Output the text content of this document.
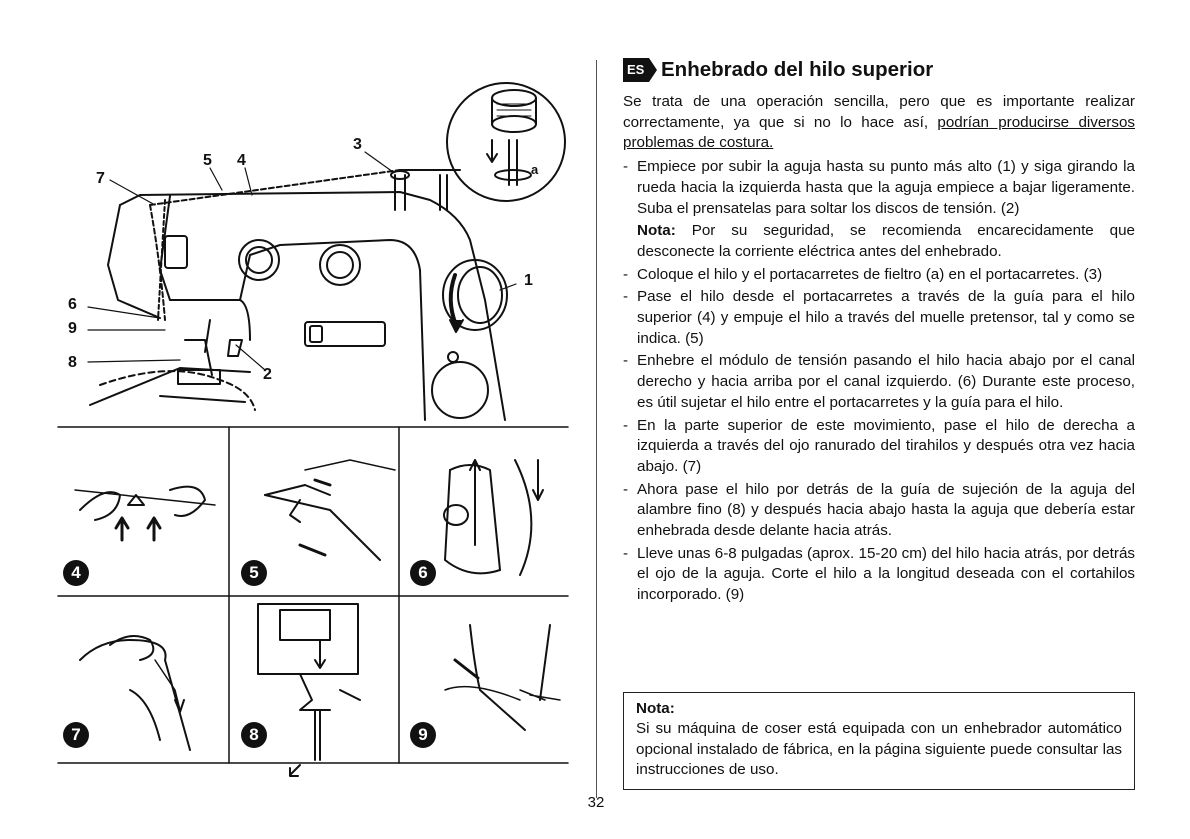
7
5 4
3
1
6
9
8
2
a
4	5	6
7	8	9
ES Enhebrado del hilo superior
Se trata de una operación sencilla, pero que es importante realizar correctamente, ya que si no lo hace así, podrían producirse diversos problemas de costura.
- Empiece por subir la aguja hasta su punto más alto (1) y siga girando la rueda hacia la izquierda hasta que la aguja empiece a bajar ligeramente. Suba el prensatelas para soltar los discos de tensión. (2)
Nota: Por su seguridad, se recomienda encarecidamente que desconecte la corriente eléctrica antes del enhebrado.
- Coloque el hilo y el portacarretes de fieltro (a) en el portacarretes. (3)
- Pase el hilo desde el portacarretes a través de la guía para el hilo superior (4) y empuje el hilo a través del muelle pretensor, tal y como se indica. (5)
- Enhebre el módulo de tensión pasando el hilo hacia abajo por el canal derecho y hacia arriba por el canal izquierdo. (6) Durante este proceso, es útil sujetar el hilo entre el portacarretes y la guía para el hilo.
- En la parte superior de este movimiento, pase el hilo de derecha a izquierda a través del ojo ranurado del tirahilos y después otra vez hacia abajo. (7)
- Ahora pase el hilo por detrás de la guía de sujeción de la aguja del alambre fino (8) y después hacia abajo hasta la aguja que debería estar enhebrada desde delante hacia atrás.
- Lleve unas 6-8 pulgadas (aprox. 15-20 cm) del hilo hacia atrás, por detrás el ojo de la aguja. Corte el hilo a la longitud deseada con el cortahilos incorporado. (9)
Nota:
Si su máquina de coser está equipada con un enhebrador automático opcional instalado de fábrica, en la página siguiente puede consultar las instrucciones de uso.
32
